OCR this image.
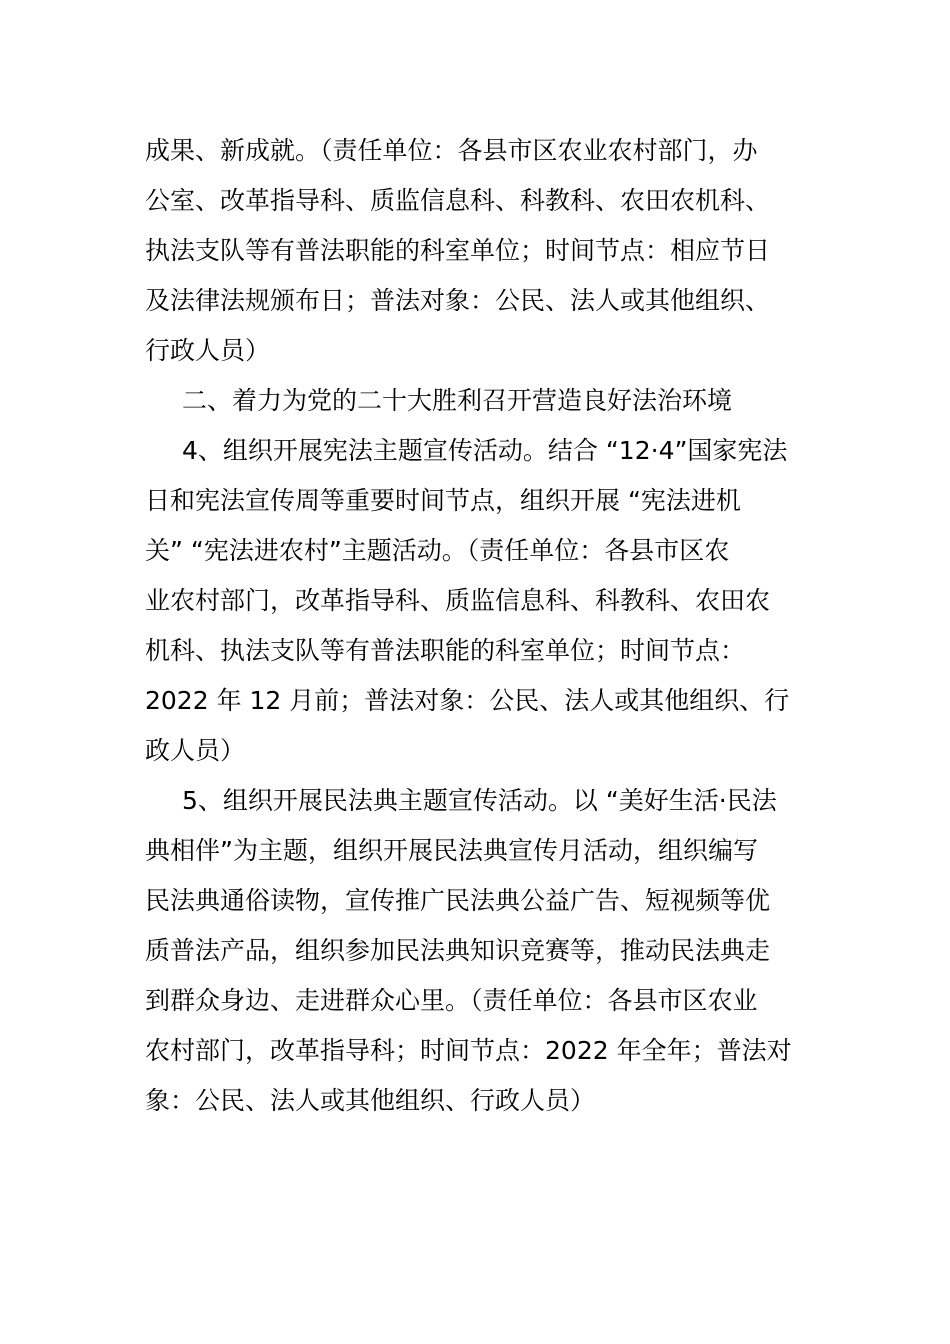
成果、新成就。（责任单位：各县市区农业农村部门，办
公室、改革指导科、质监信息科、科教科、农田农机科、
执法支队等有普法职能的科室单位；时间节点：相应节日
及法律法规颁布日；普法对象：公民、法人或其他组织、
行政人员）
二、着力为党的二十大胜利召开营造良好法治环境
4、组织开展宪法主题宣传活动。结合 “12·4”国家宪法
日和宪法宣传周等重要时间节点，组织开展 “宪法进机
关” “宪法进农村”主题活动。（责任单位：各县市区农
业农村部门，改革指导科、质监信息科、科教科、农田农
机科、执法支队等有普法职能的科室单位；时间节点：
2022 年 12 月前；普法对象：公民、法人或其他组织、行
政人员）
5、组织开展民法典主题宣传活动。以 “美好生活·民法
典相伴”为主题，组织开展民法典宣传月活动，组织编写
民法典通俗读物，宣传推广民法典公益广告、短视频等优
质普法产品，组织参加民法典知识竞赛等，推动民法典走
到群众身边、走进群众心里。（责任单位：各县市区农业
农村部门，改革指导科；时间节点：2022 年全年；普法对
象：公民、法人或其他组织、行政人员）
